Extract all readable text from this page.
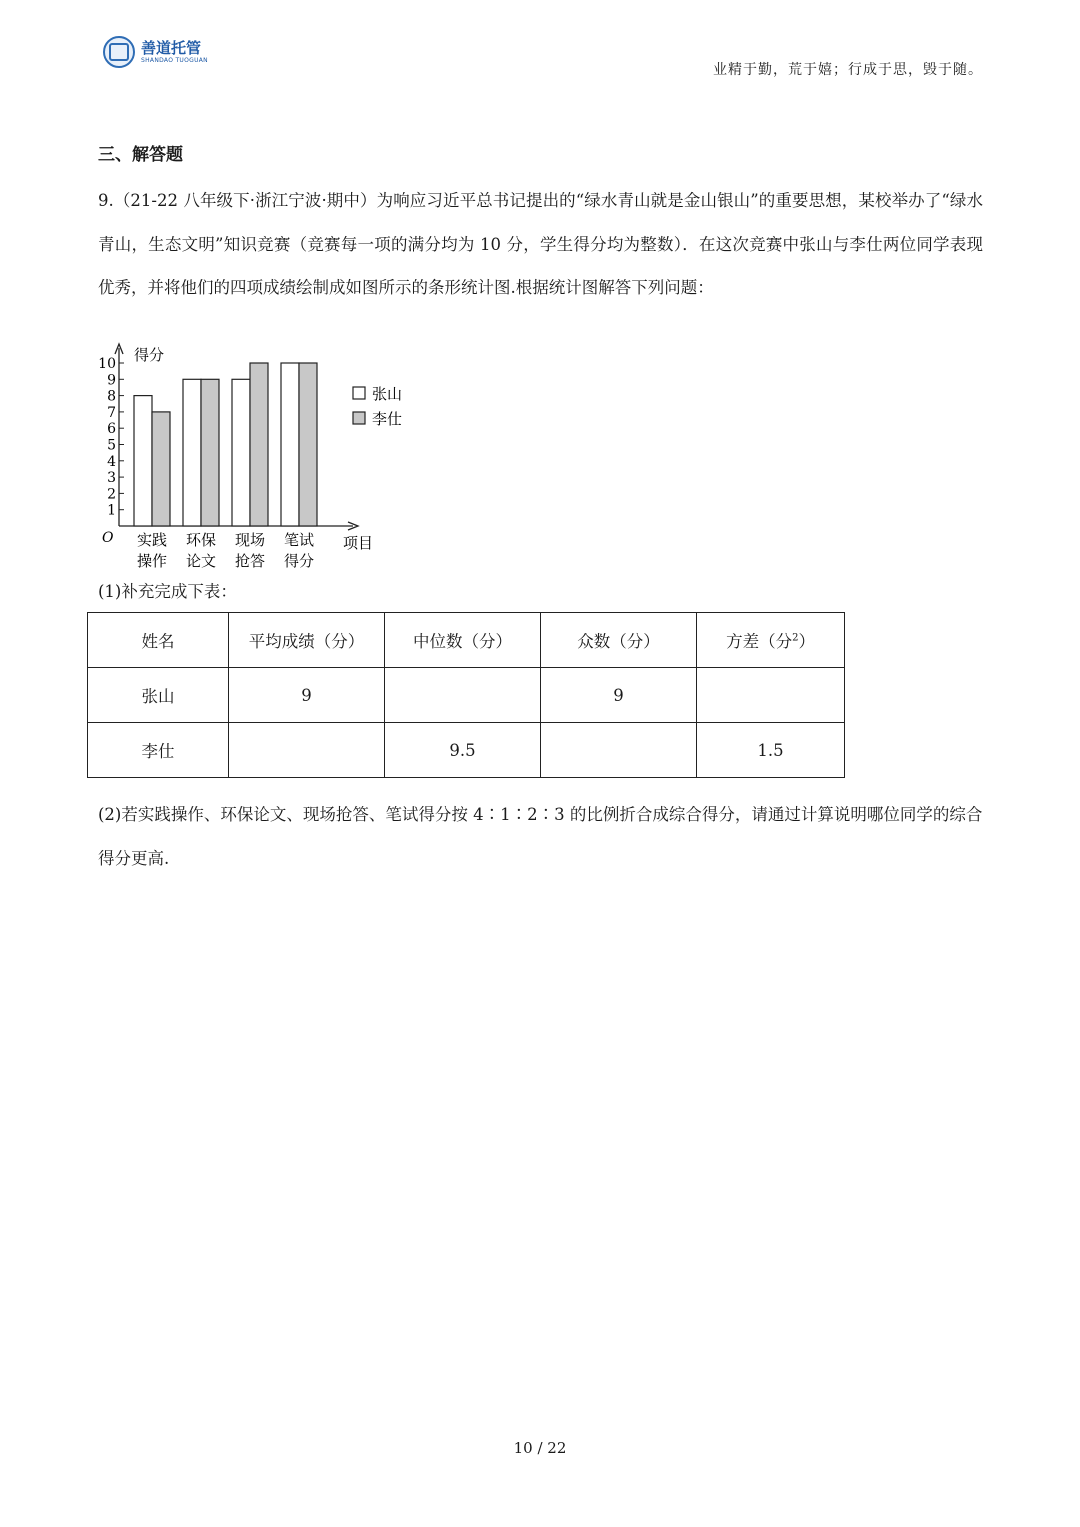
善道托管
SHANDAO TUOGUAN
业精于勤，荒于嬉；行成于思，毁于随。
三、解答题
9.（21-22 八年级下·浙江宁波·期中）为响应习近平总书记提出的“绿水青山就是金山银山”的重要思想，某校举办了“绿水青山，生态文明”知识竞赛（竞赛每一项的满分均为 10 分，学生得分均为整数）．在这次竞赛中张山与李仕两位同学表现优秀，并将他们的四项成绩绘制成如图所示的条形统计图.根据统计图解答下列问题：
得分
项目
O
1
2
3
4
5
6
7
8
9
10
实践
操作
环保
论文
现场
抢答
笔试
得分
张山
李仕
(1)补充完成下表：
姓名	平均成绩（分）	中位数（分）	众数（分）	方差（分$^2$）
张山	9		9	
李仕		9.5		1.5
(2)若实践操作、环保论文、现场抢答、笔试得分按 4∶1∶2∶3 的比例折合成综合得分，请通过计算说明哪位同学的综合得分更高.
10 / 22
